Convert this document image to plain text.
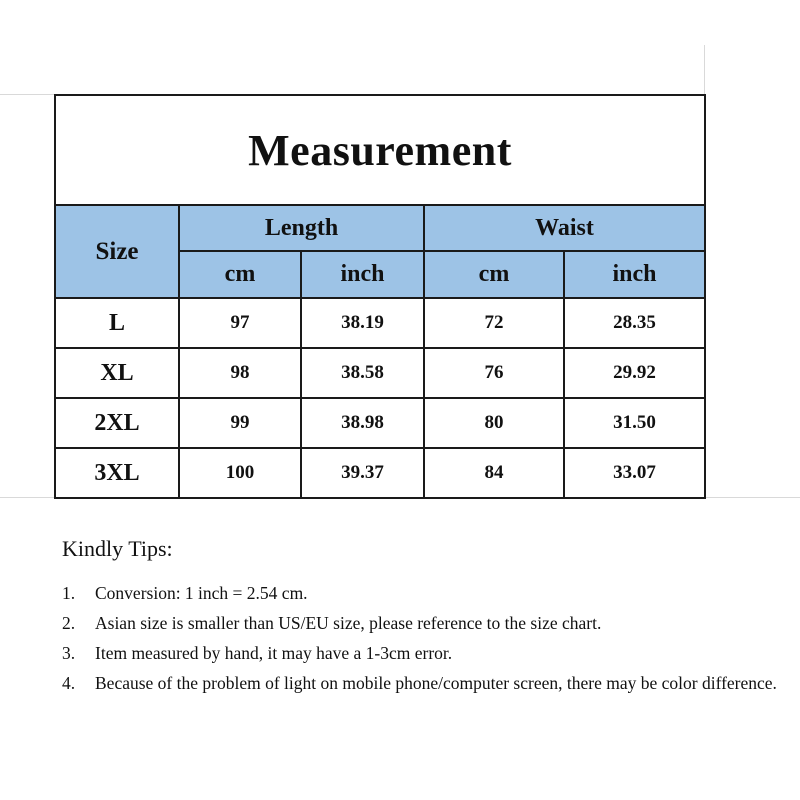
Measurement				
Size	Length		Waist	
	cm	inch	cm	inch
L	97	38.19	72	28.35
XL	98	38.58	76	29.92
2XL	99	38.98	80	31.50
3XL	100	39.37	84	33.07
Kindly Tips:
1. Conversion: 1 inch = 2.54 cm.
2. Asian size is smaller than US/EU size, please reference to the size chart.
3. Item measured by hand, it may have a 1-3cm error.
4. Because of the problem of light on mobile phone/computer screen, there may be color difference.
